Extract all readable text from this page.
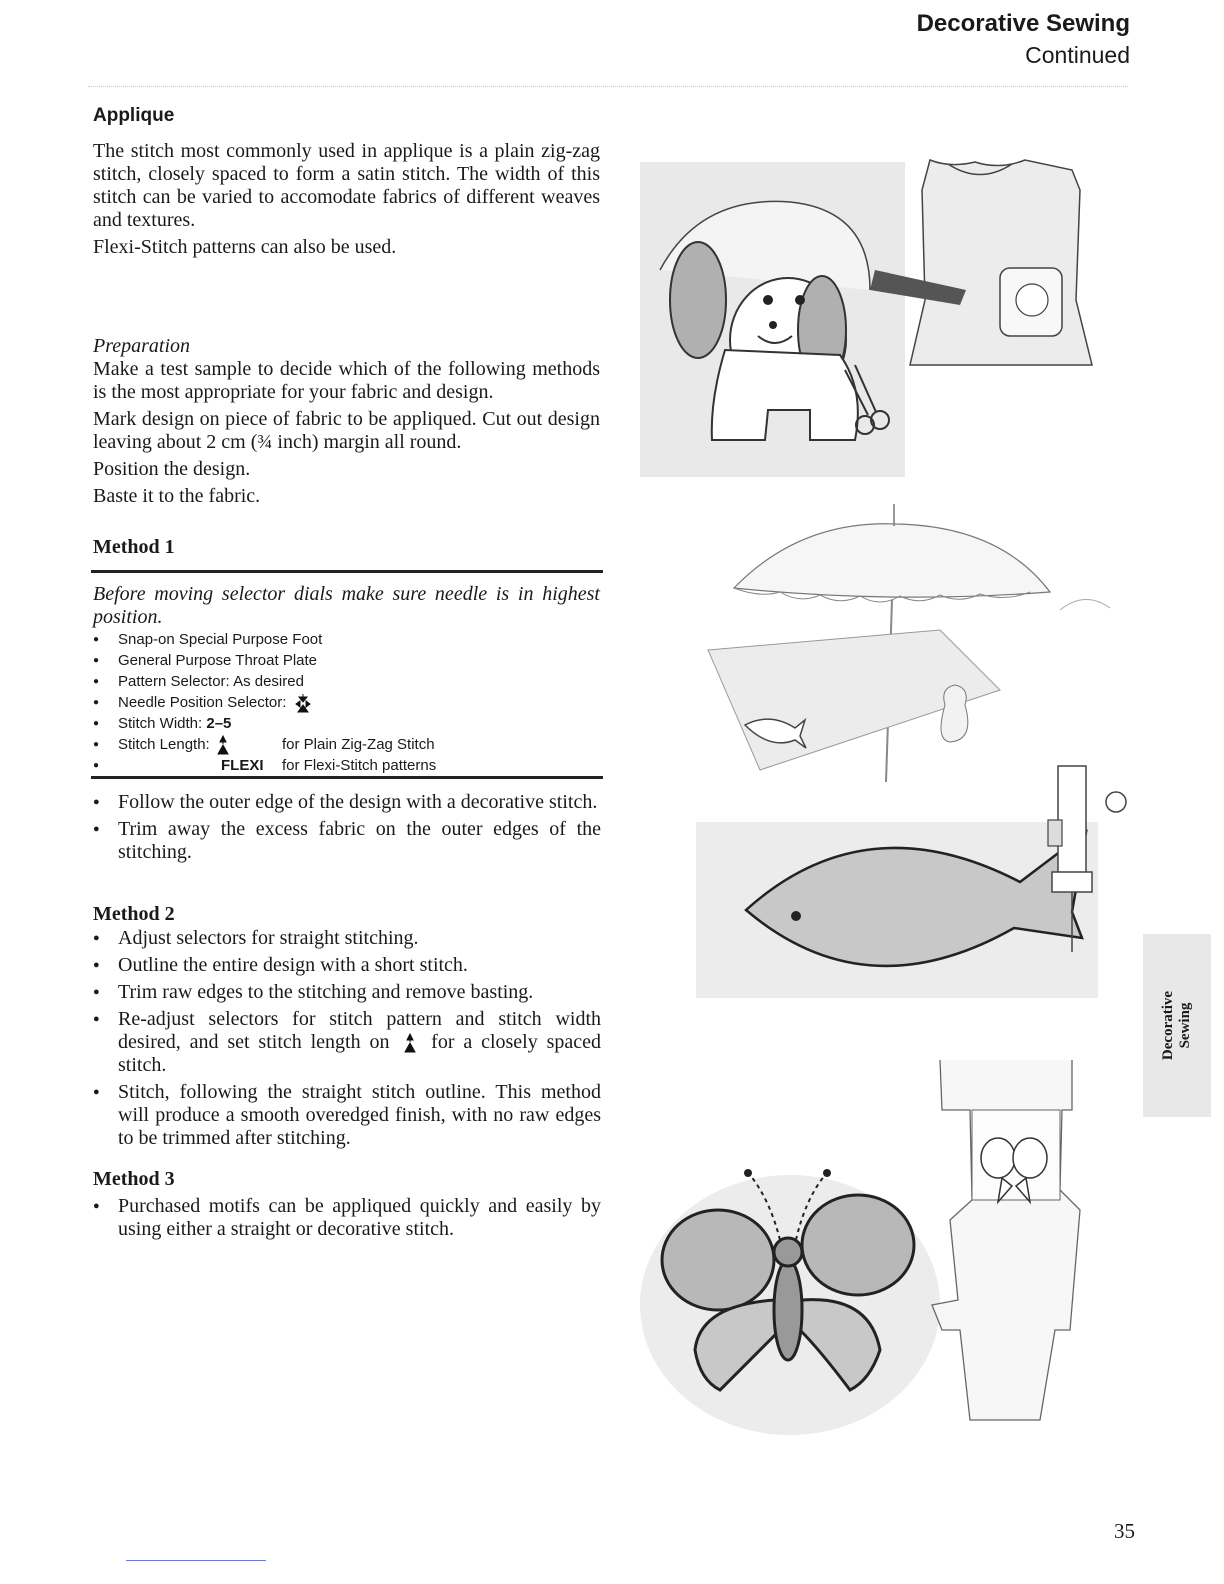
Decorative Sewing
Continued
Applique

The stitch most commonly used in applique is a plain zig-zag stitch, closely spaced to form a satin stitch. The width of this stitch can be varied to accomodate fabrics of different weaves and textures.

Flexi-Stitch patterns can also be used.

Preparation

Make a test sample to decide which of the following methods is the most appropriate for your fabric and design.

Mark design on piece of fabric to be appliqued. Cut out design leaving about 2 cm (¾ inch) margin all round.

Position the design.

Baste it to the fabric.

Method 1
Before moving selector dials make sure needle is in highest position.
● Snap-on Special Purpose Foot
● General Purpose Throat Plate
● Pattern Selector: As desired
● Needle Position Selector:
● Stitch Width: 2–5
● Stitch Length:	for Plain Zig-Zag Stitch
● FLEXI for Flexi-Stitch patterns

● Follow the outer edge of the design with a decorative stitch.
● Trim away the excess fabric on the outer edges of the stitching.
Method 2
● Adjust selectors for straight stitching.
● Outline the entire design with a short stitch.
● Trim raw edges to the stitching and remove basting.
● Re-adjust selectors for stitch pattern and stitch width desired, and set stitch length on for a closely spaced stitch.
● Stitch, following the straight stitch outline. This method will produce a smooth overedged finish, with no raw edges to be trimmed after stitching.
Method 3
● Purchased motifs can be appliqued quickly and easily by using either a straight or decorative stitch.
Decorative Sewing
35
